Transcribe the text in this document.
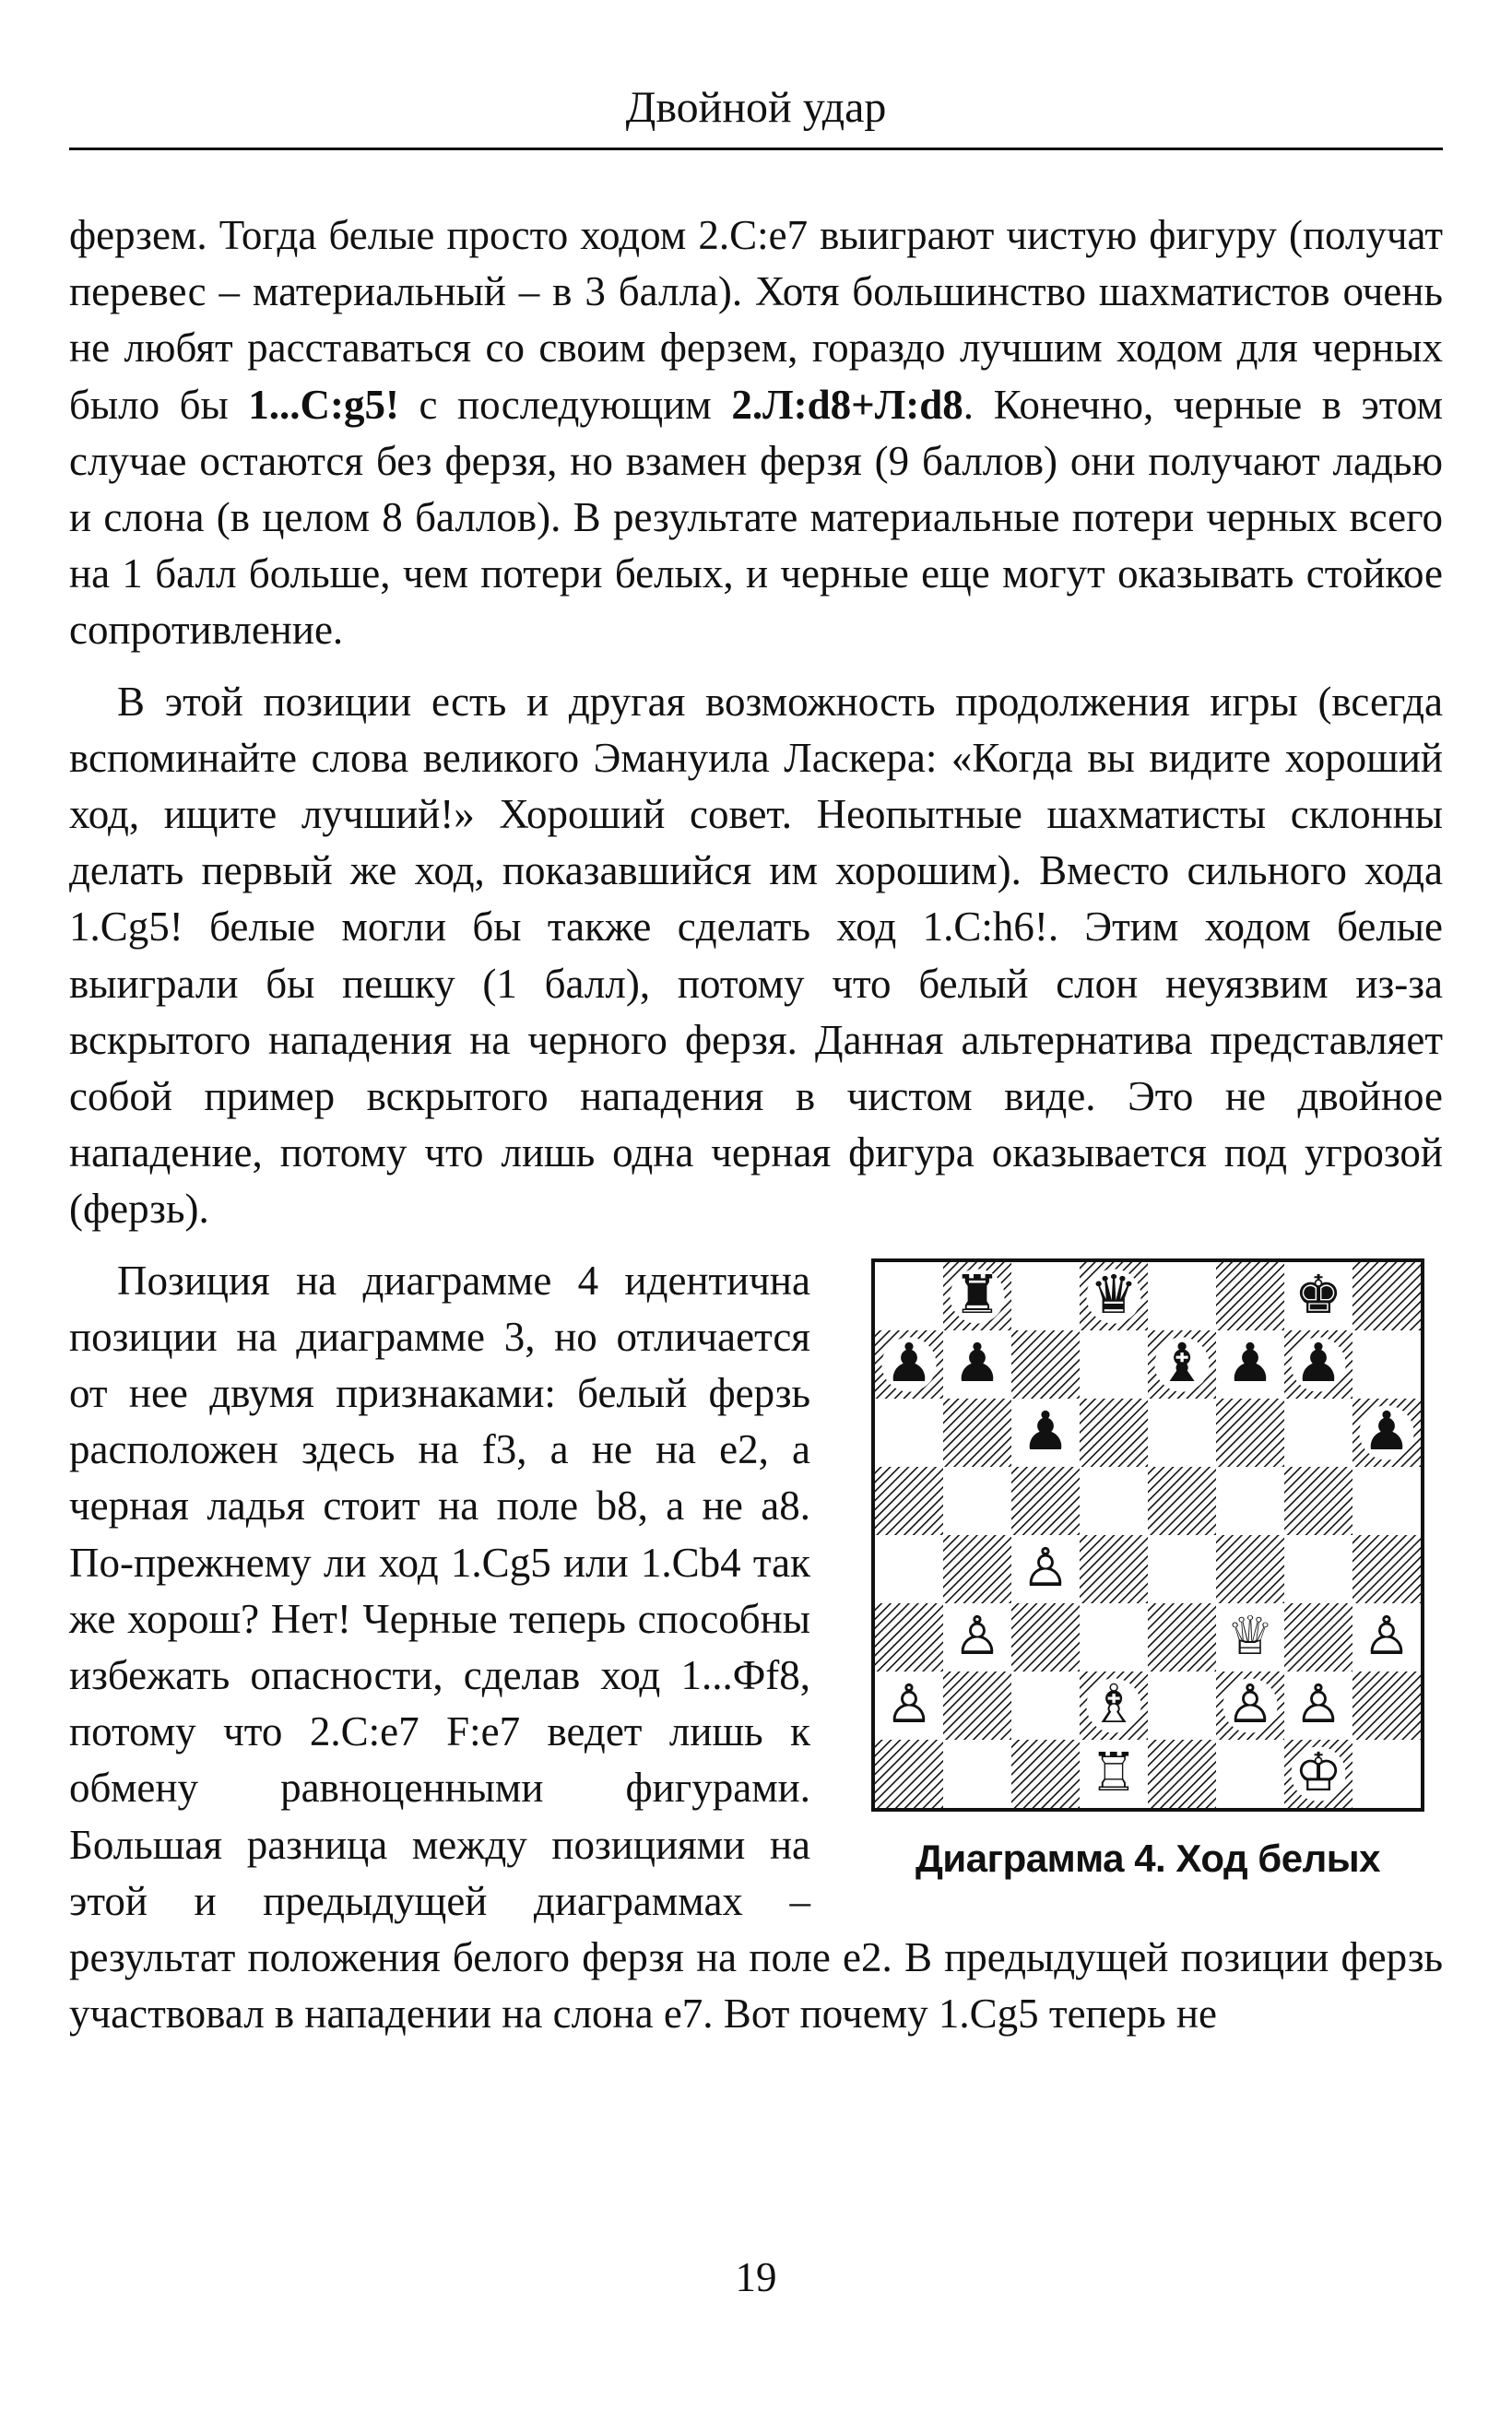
Двойной удар

ферзем. Тогда белые просто ходом 2.С:е7 выиграют чистую фигуру (получат перевес – материальный – в 3 балла). Хотя большинство шахматистов очень не любят расставаться со своим ферзем, гораздо лучшим ходом для черных было бы 1...С:g5! с последующим 2.Л:d8+Л:d8. Конечно, черные в этом случае остаются без ферзя, но взамен ферзя (9 баллов) они получают ладью и слона (в целом 8 баллов). В результате материальные потери черных всего на 1 балл больше, чем потери белых, и черные еще могут оказывать стойкое сопротивление.

В этой позиции есть и другая возможность продолжения игры (всегда вспоминайте слова великого Эмануила Ласкера: «Когда вы видите хороший ход, ищите лучший!» Хороший совет. Неопытные шахматисты склонны делать первый же ход, показавшийся им хорошим). Вместо сильного хода 1.Cg5! белые могли бы также сделать ход 1.С:h6!. Этим ходом белые выиграли бы пешку (1 балл), потому что белый слон неуязвим из-за вскрытого нападения на черного ферзя. Данная альтернатива представляет собой пример вскрытого нападения в чистом виде. Это не двойное нападение, потому что лишь одна черная фигура оказывается под угрозой (ферзь).

♜ ♛	♚
♟ ♟	♝ ♟ ♟
♟	♟
♙
♙	♕ ♙
♙	♗ ♙ ♙
♖	♔
Диаграмма 4. Ход белых

Позиция на диаграмме 4 идентична позиции на диаграмме 3, но отличается от нее двумя признаками: белый ферзь расположен здесь на f3, а не на е2, а черная ладья стоит на поле b8, а не а8. По-прежнему ли ход 1.Cg5 или 1.Cb4 так же хорош? Нет! Черные теперь способны избежать опасности, сделав ход 1...Фf8, потому что 2.С:е7 F:e7 ведет лишь к обмену равноценными фигурами. Большая разница между позициями на этой и предыдущей диаграммах – результат положения белого ферзя на поле е2. В предыдущей позиции ферзь участвовал в нападении на слона е7. Вот почему 1.Cg5 теперь не

19
